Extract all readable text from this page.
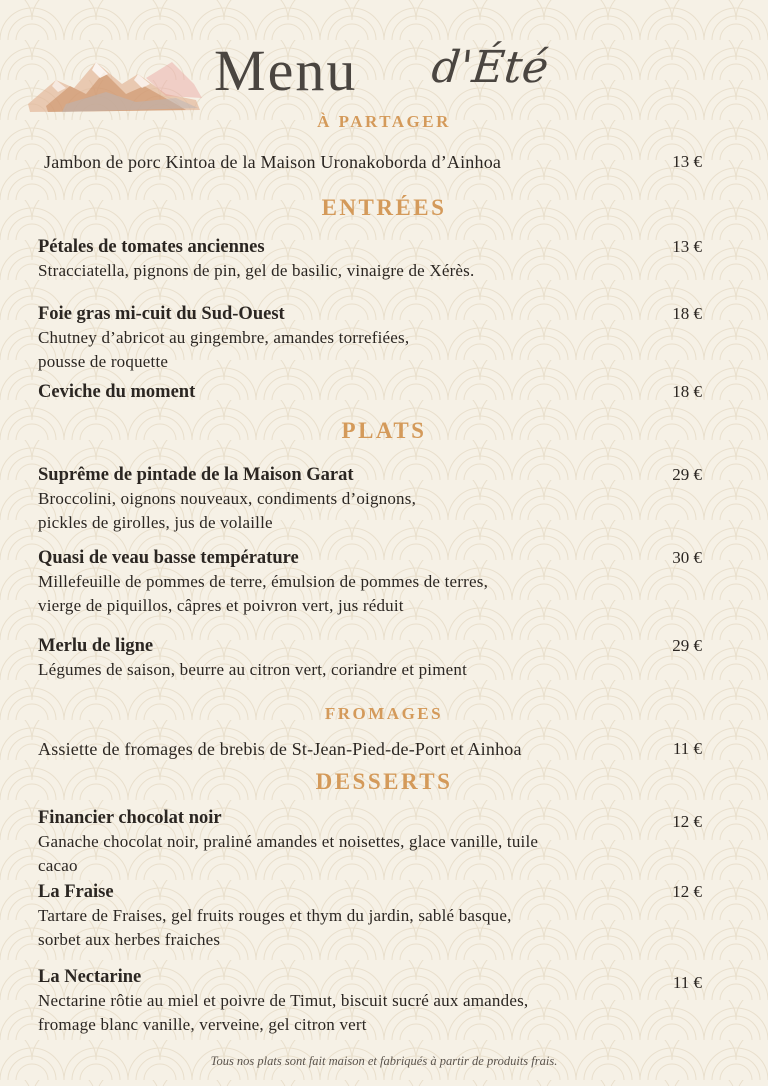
Menu d'Été
À PARTAGER
Jambon de porc Kintoa de la Maison Uronakoborda d’Ainhoa	13 €
ENTRÉES
Pétales de tomates anciennes
Stracciatella, pignons de pin, gel de basilic, vinaigre de Xérès.
13 €
Foie gras mi-cuit du Sud-Ouest
Chutney d’abricot au gingembre, amandes torrefiées,
pousse de roquette
18 €
Ceviche du moment	18 €
PLATS
Suprême de pintade de la Maison Garat
Broccolini, oignons nouveaux, condiments d’oignons,
pickles de girolles, jus de volaille
29 €
Quasi de veau basse température
Millefeuille de pommes de terre, émulsion de pommes de terres,
vierge de piquillos, câpres et poivron vert, jus réduit
30 €
Merlu de ligne
Légumes de saison, beurre au citron vert, coriandre et piment
29 €
FROMAGES
Assiette de fromages de brebis de St-Jean-Pied-de-Port et Ainhoa	11 €
DESSERTS
Financier chocolat noir
Ganache chocolat noir, praliné amandes et noisettes, glace vanille, tuile
cacao
12 €
La Fraise
Tartare de Fraises, gel fruits rouges et thym du jardin, sablé basque,
sorbet aux herbes fraiches
12 €
La Nectarine
Nectarine rôtie au miel et poivre de Timut, biscuit sucré aux amandes,
fromage blanc vanille, verveine, gel citron vert
11 €
Tous nos plats sont fait maison et fabriqués à partir de produits frais.
